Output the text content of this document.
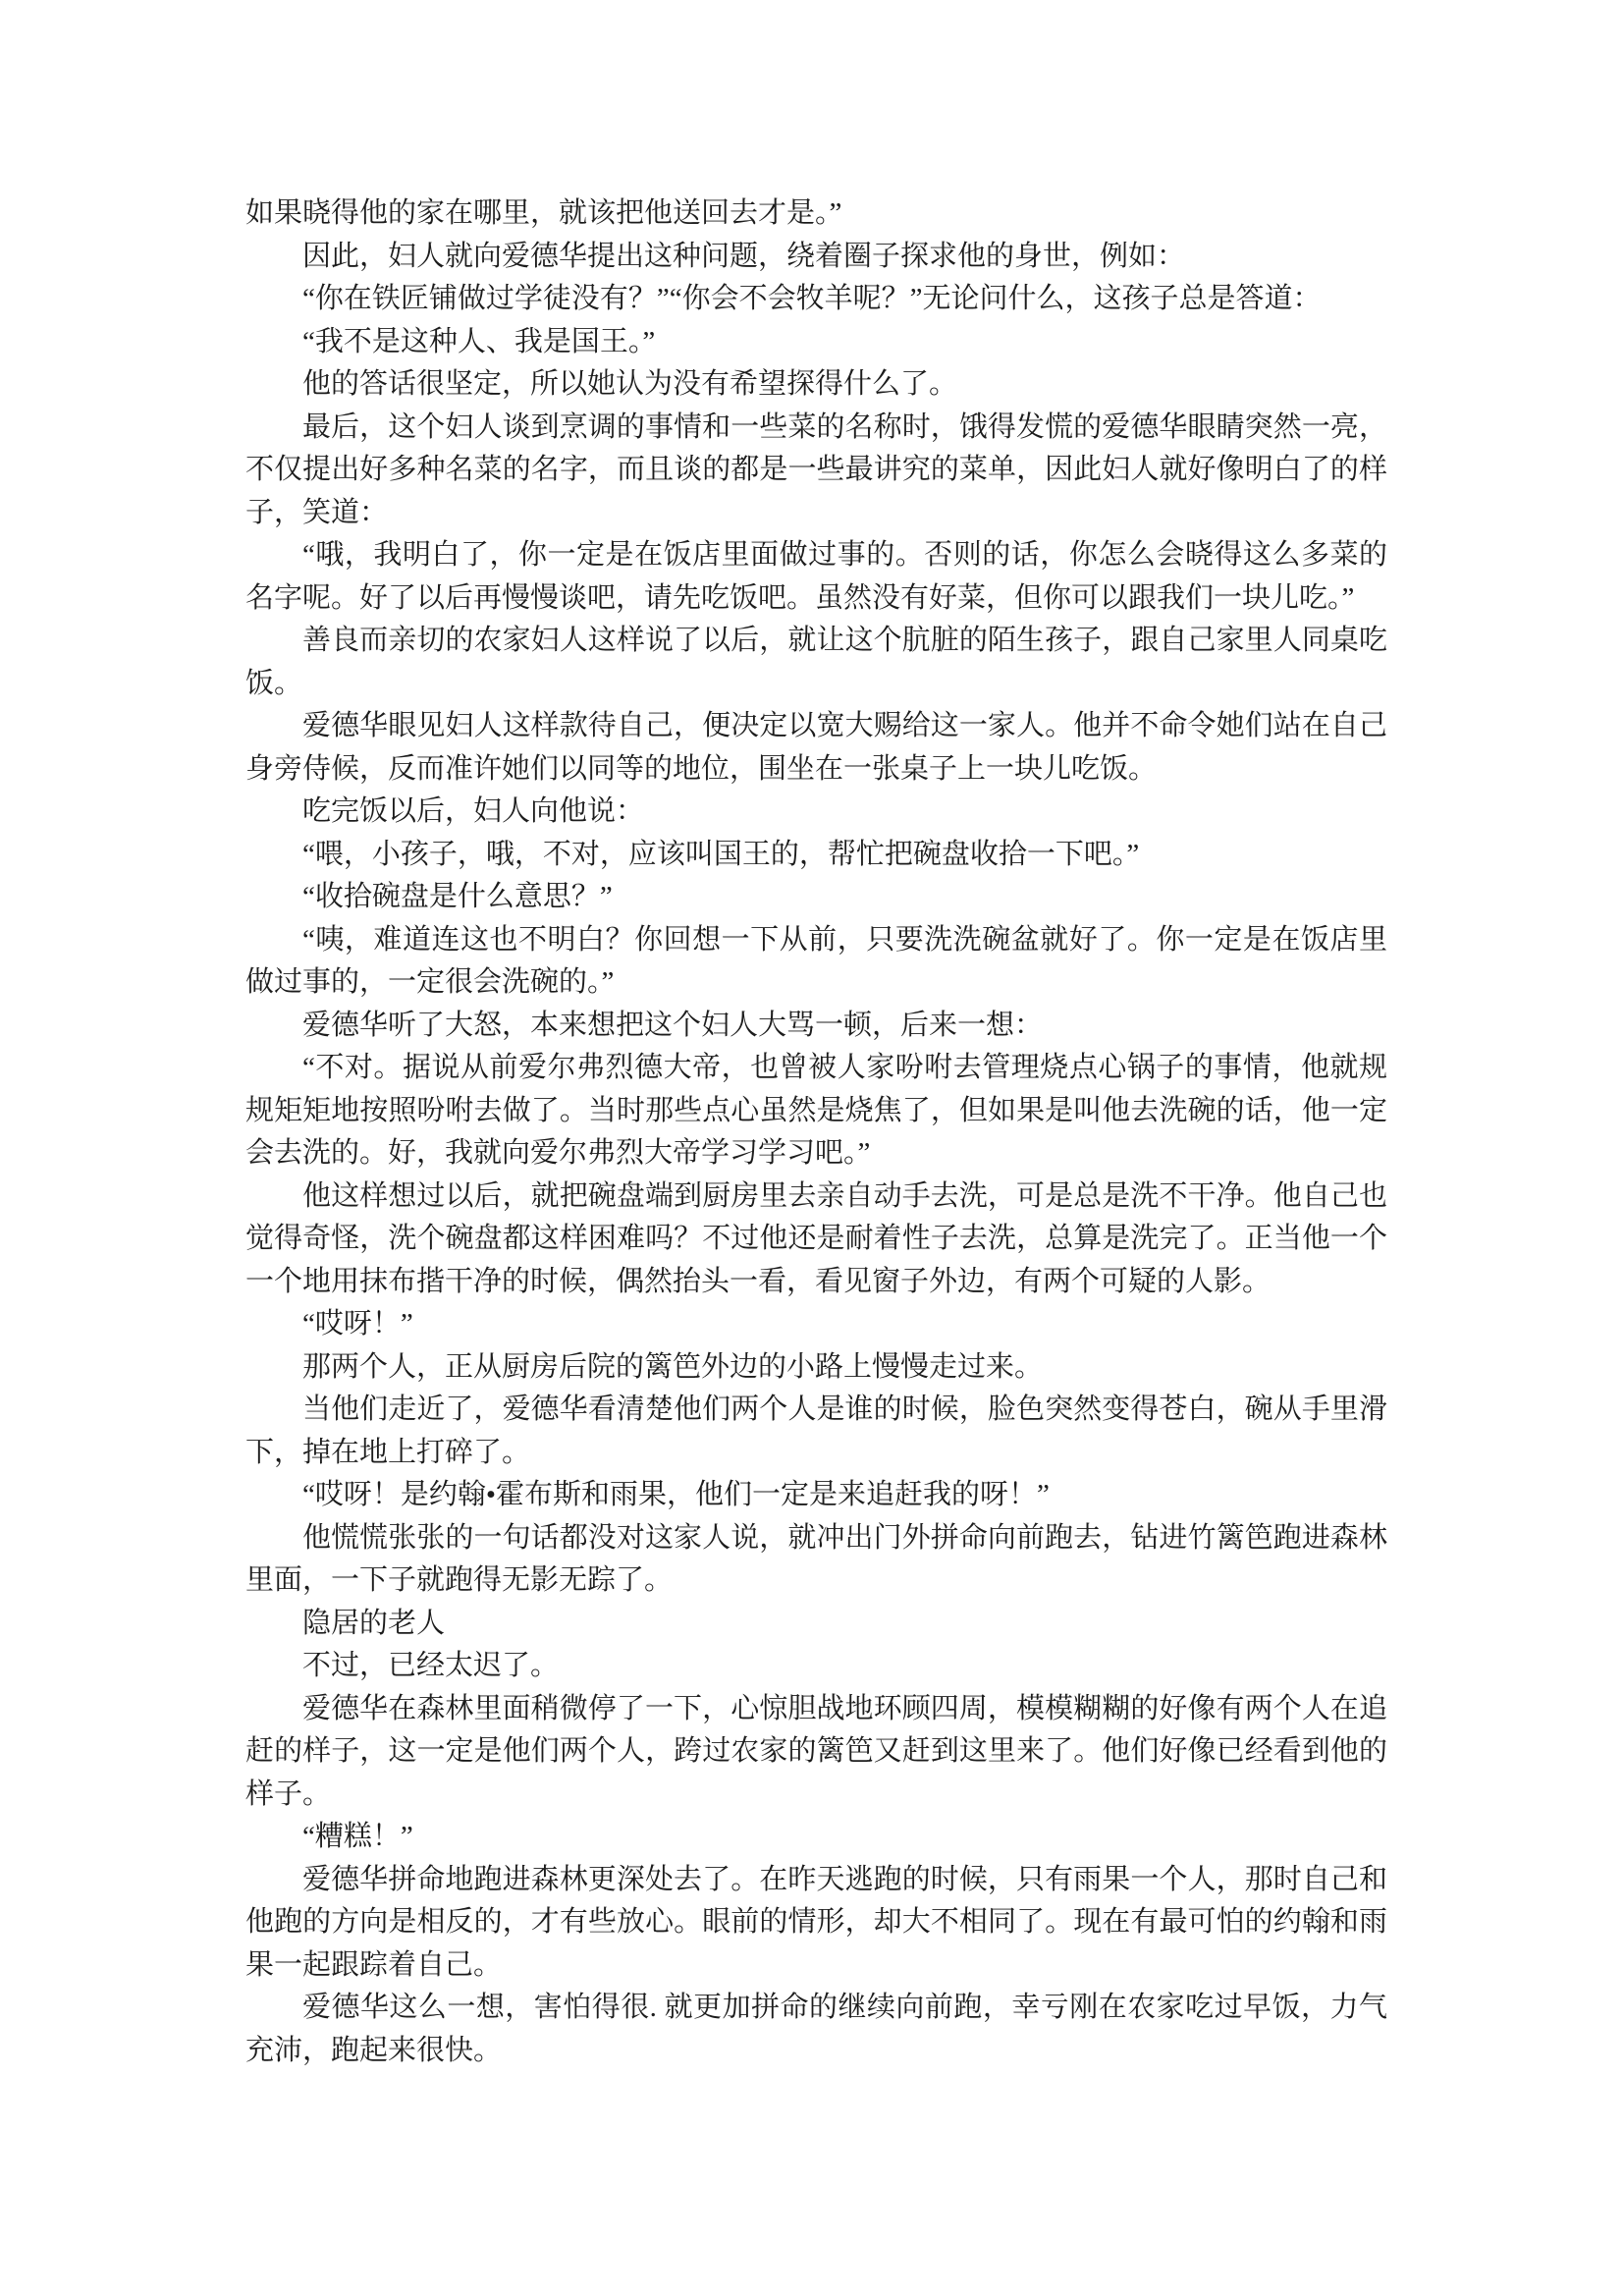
如果晓得他的家在哪里，就该把他送回去才是。”

因此，妇人就向爱德华提出这种问题，绕着圈子探求他的身世，例如：

“你在铁匠铺做过学徒没有？”“你会不会牧羊呢？”无论问什么，这孩子总是答道：

“我不是这种人、我是国王。”

他的答话很坚定，所以她认为没有希望探得什么了。

最后，这个妇人谈到烹调的事情和一些菜的名称时，饿得发慌的爱德华眼睛突然一亮，不仅提出好多种名菜的名字，而且谈的都是一些最讲究的菜单，因此妇人就好像明白了的样子，笑道：

“哦，我明白了，你一定是在饭店里面做过事的。否则的话，你怎么会晓得这么多菜的名字呢。好了以后再慢慢谈吧，请先吃饭吧。虽然没有好菜，但你可以跟我们一块儿吃。”

善良而亲切的农家妇人这样说了以后，就让这个肮脏的陌生孩子，跟自己家里人同桌吃饭。

爱德华眼见妇人这样款待自己，便决定以宽大赐给这一家人。他并不命令她们站在自己身旁侍候，反而准许她们以同等的地位，围坐在一张桌子上一块儿吃饭。

吃完饭以后，妇人向他说：

“喂，小孩子，哦，不对，应该叫国王的，帮忙把碗盘收拾一下吧。”

“收拾碗盘是什么意思？”

“咦，难道连这也不明白？你回想一下从前，只要洗洗碗盆就好了。你一定是在饭店里做过事的，一定很会洗碗的。”

爱德华听了大怒，本来想把这个妇人大骂一顿，后来一想：

“不对。据说从前爱尔弗烈德大帝，也曾被人家吩咐去管理烧点心锅子的事情，他就规规矩矩地按照吩咐去做了。当时那些点心虽然是烧焦了，但如果是叫他去洗碗的话，他一定会去洗的。好，我就向爱尔弗烈大帝学习学习吧。”

他这样想过以后，就把碗盘端到厨房里去亲自动手去洗，可是总是洗不干净。他自己也觉得奇怪，洗个碗盘都这样困难吗？不过他还是耐着性子去洗，总算是洗完了。正当他一个一个地用抹布揩干净的时候，偶然抬头一看，看见窗子外边，有两个可疑的人影。

“哎呀！”

那两个人，正从厨房后院的篱笆外边的小路上慢慢走过来。

当他们走近了，爱德华看清楚他们两个人是谁的时候，脸色突然变得苍白，碗从手里滑下，掉在地上打碎了。

“哎呀！是约翰•霍布斯和雨果，他们一定是来追赶我的呀！”

他慌慌张张的一句话都没对这家人说，就冲出门外拼命向前跑去，钻进竹篱笆跑进森林里面，一下子就跑得无影无踪了。

隐居的老人

不过，已经太迟了。

爱德华在森林里面稍微停了一下，心惊胆战地环顾四周，模模糊糊的好像有两个人在追赶的样子，这一定是他们两个人，跨过农家的篱笆又赶到这里来了。他们好像已经看到他的样子。

“糟糕！”

爱德华拼命地跑进森林更深处去了。在昨天逃跑的时候，只有雨果一个人，那时自己和他跑的方向是相反的，才有些放心。眼前的情形，却大不相同了。现在有最可怕的约翰和雨果一起跟踪着自己。

爱德华这么一想，害怕得很. 就更加拼命的继续向前跑，幸亏刚在农家吃过早饭，力气充沛，跑起来很快。
